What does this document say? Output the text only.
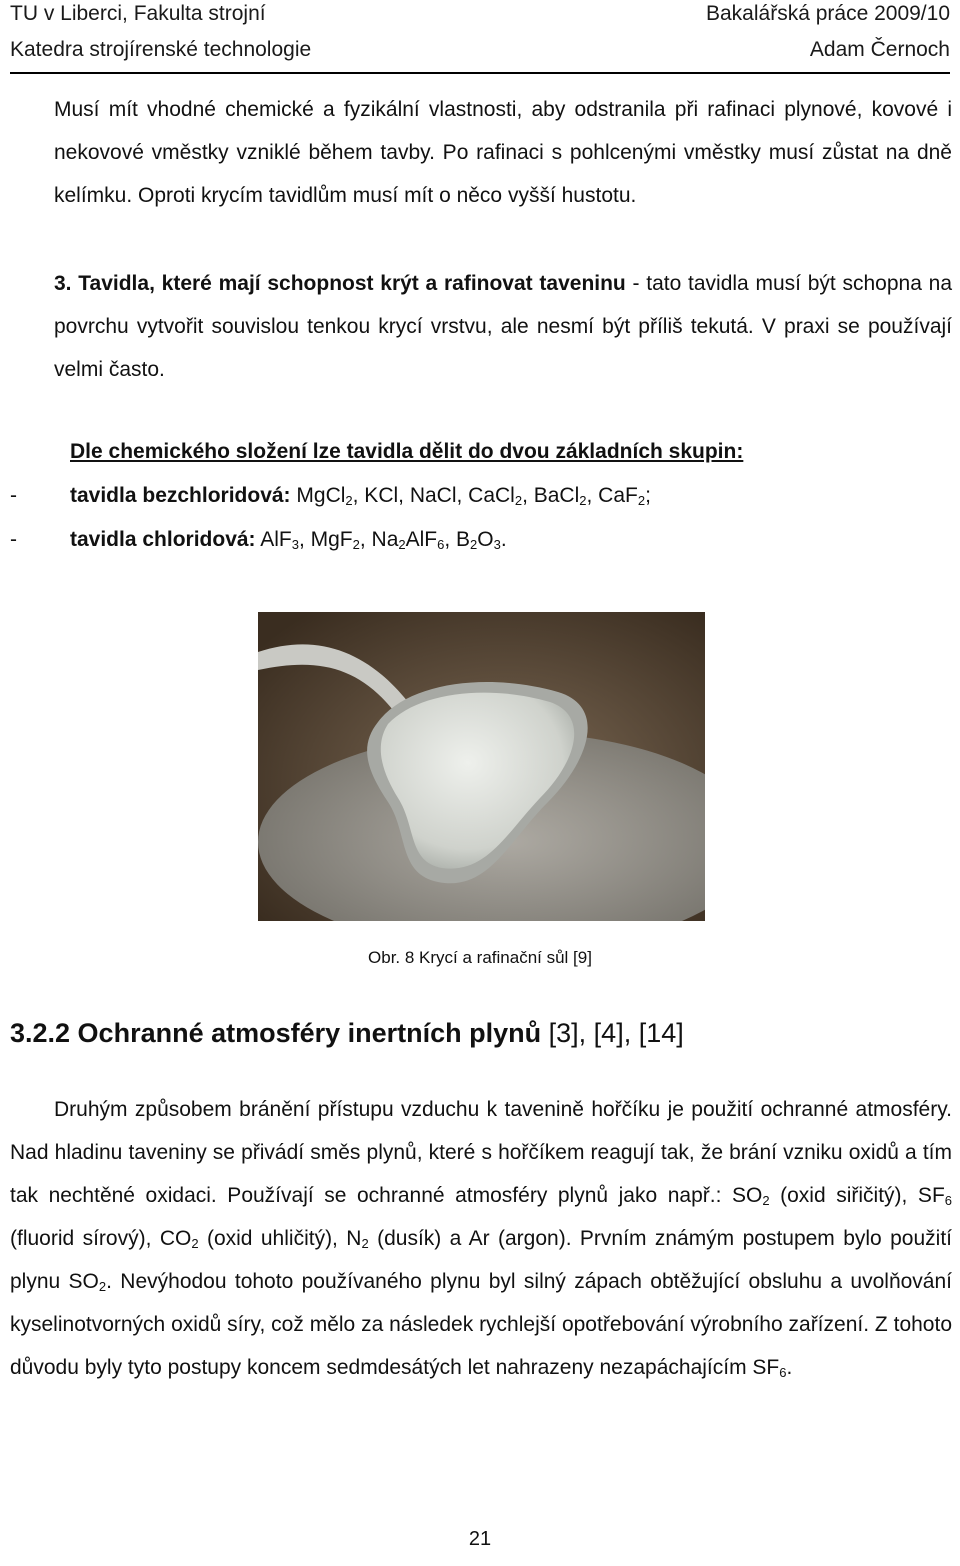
TU v Liberci, Fakulta strojní	Bakalářská práce 2009/10
Katedra strojírenské technologie	Adam Černoch
Musí mít vhodné chemické a fyzikální vlastnosti, aby odstranila při rafinaci plynové, kovové i nekovové vměstky vzniklé během tavby. Po rafinaci s pohlcenými vměstky musí zůstat na dně kelímku. Oproti krycím tavidlům musí mít o něco vyšší hustotu.
3. Tavidla, které mají schopnost krýt a rafinovat taveninu - tato tavidla musí být schopna na povrchu vytvořit souvislou tenkou krycí vrstvu, ale nesmí být příliš tekutá. V praxi se používají velmi často.
Dle chemického složení lze tavidla dělit do dvou základních skupin:
-	tavidla bezchloridová: MgCl$_2$, KCl, NaCl, CaCl$_2$, BaCl$_2$, CaF$_2$;
-	tavidla chloridová: AlF$_3$, MgF$_2$, $Na_2AlF_6$, $B_2O_3$.
Obr. 8 Krycí a rafinační sůl [9]
3.2.2 Ochranné atmosféry inertních plynů [3], [4], [14]
Druhým způsobem bránění přístupu vzduchu k tavenině hořčíku je použití ochranné atmosféry. Nad hladinu taveniny se přivádí směs plynů, které s hořčíkem reagují tak, že brání vzniku oxidů a tím tak nechtěné oxidaci. Používají se ochranné atmosféry plynů jako např.: $SO_2$ (oxid siřičitý), $SF_6$ (fluorid sírový), $CO_2$ (oxid uhličitý), $N_2$ (dusík) a Ar (argon). Prvním známým postupem bylo použití plynu $SO_2$. Nevýhodou tohoto používaného plynu byl silný zápach obtěžující obsluhu a uvolňování kyselinotvorných oxidů síry, což mělo za následek rychlejší opotřebování výrobního zařízení. Z tohoto důvodu byly tyto postupy koncem sedmdesátých let nahrazeny nezapáchajícím $SF_6$.
21
